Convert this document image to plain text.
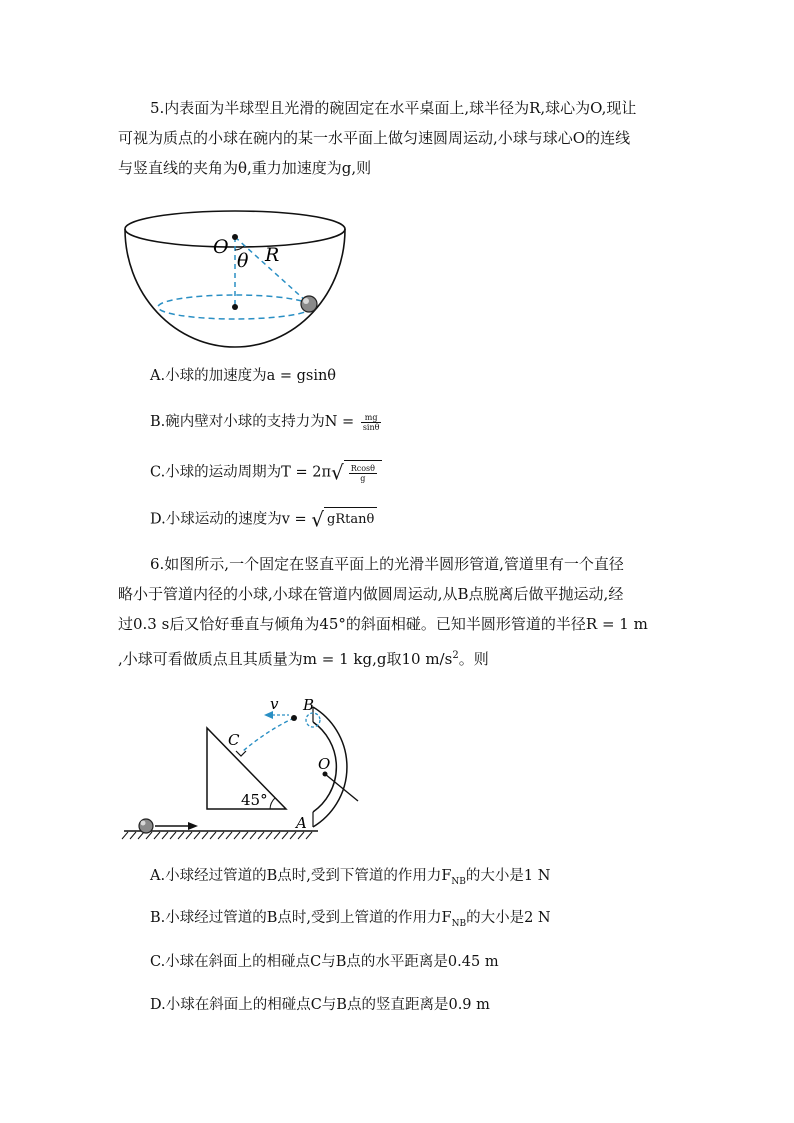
5.内表面为半球型且光滑的碗固定在水平桌面上,球半径为R,球心为O,现让
可视为质点的小球在碗内的某一水平面上做匀速圆周运动,小球与球心O的连线
与竖直线的夹角为θ,重力加速度为g,则
O R
θ
A.小球的加速度为a = gsinθ
B.碗内壁对小球的支持力为$N = \frac{mg}{\sin\theta}$
C.小球的运动周期为$T = 2\pi√ \frac{Rcos\theta}{g}$
D.小球运动的速度为v = √ gRtanθ
6.如图所示,一个固定在竖直平面上的光滑半圆形管道,管道里有一个直径
略小于管道内径的小球,小球在管道内做圆周运动,从B点脱离后做平抛运动,经
过0.3 s后又恰好垂直与倾角为45°的斜面相碰。已知半圆形管道的半径R = 1 m
,小球可看做质点且其质量为m = 1 kg,g取10 $m/s^2$。则
B
v
C
O
A
45°
A.小球经过管道的B点时,受到下管道的作用力$F_{NB}$的大小是1 N
B.小球经过管道的B点时,受到上管道的作用力$F_{NB}$的大小是2 N
C.小球在斜面上的相碰点C与B点的水平距离是0.45 m
D.小球在斜面上的相碰点C与B点的竖直距离是0.9 m
